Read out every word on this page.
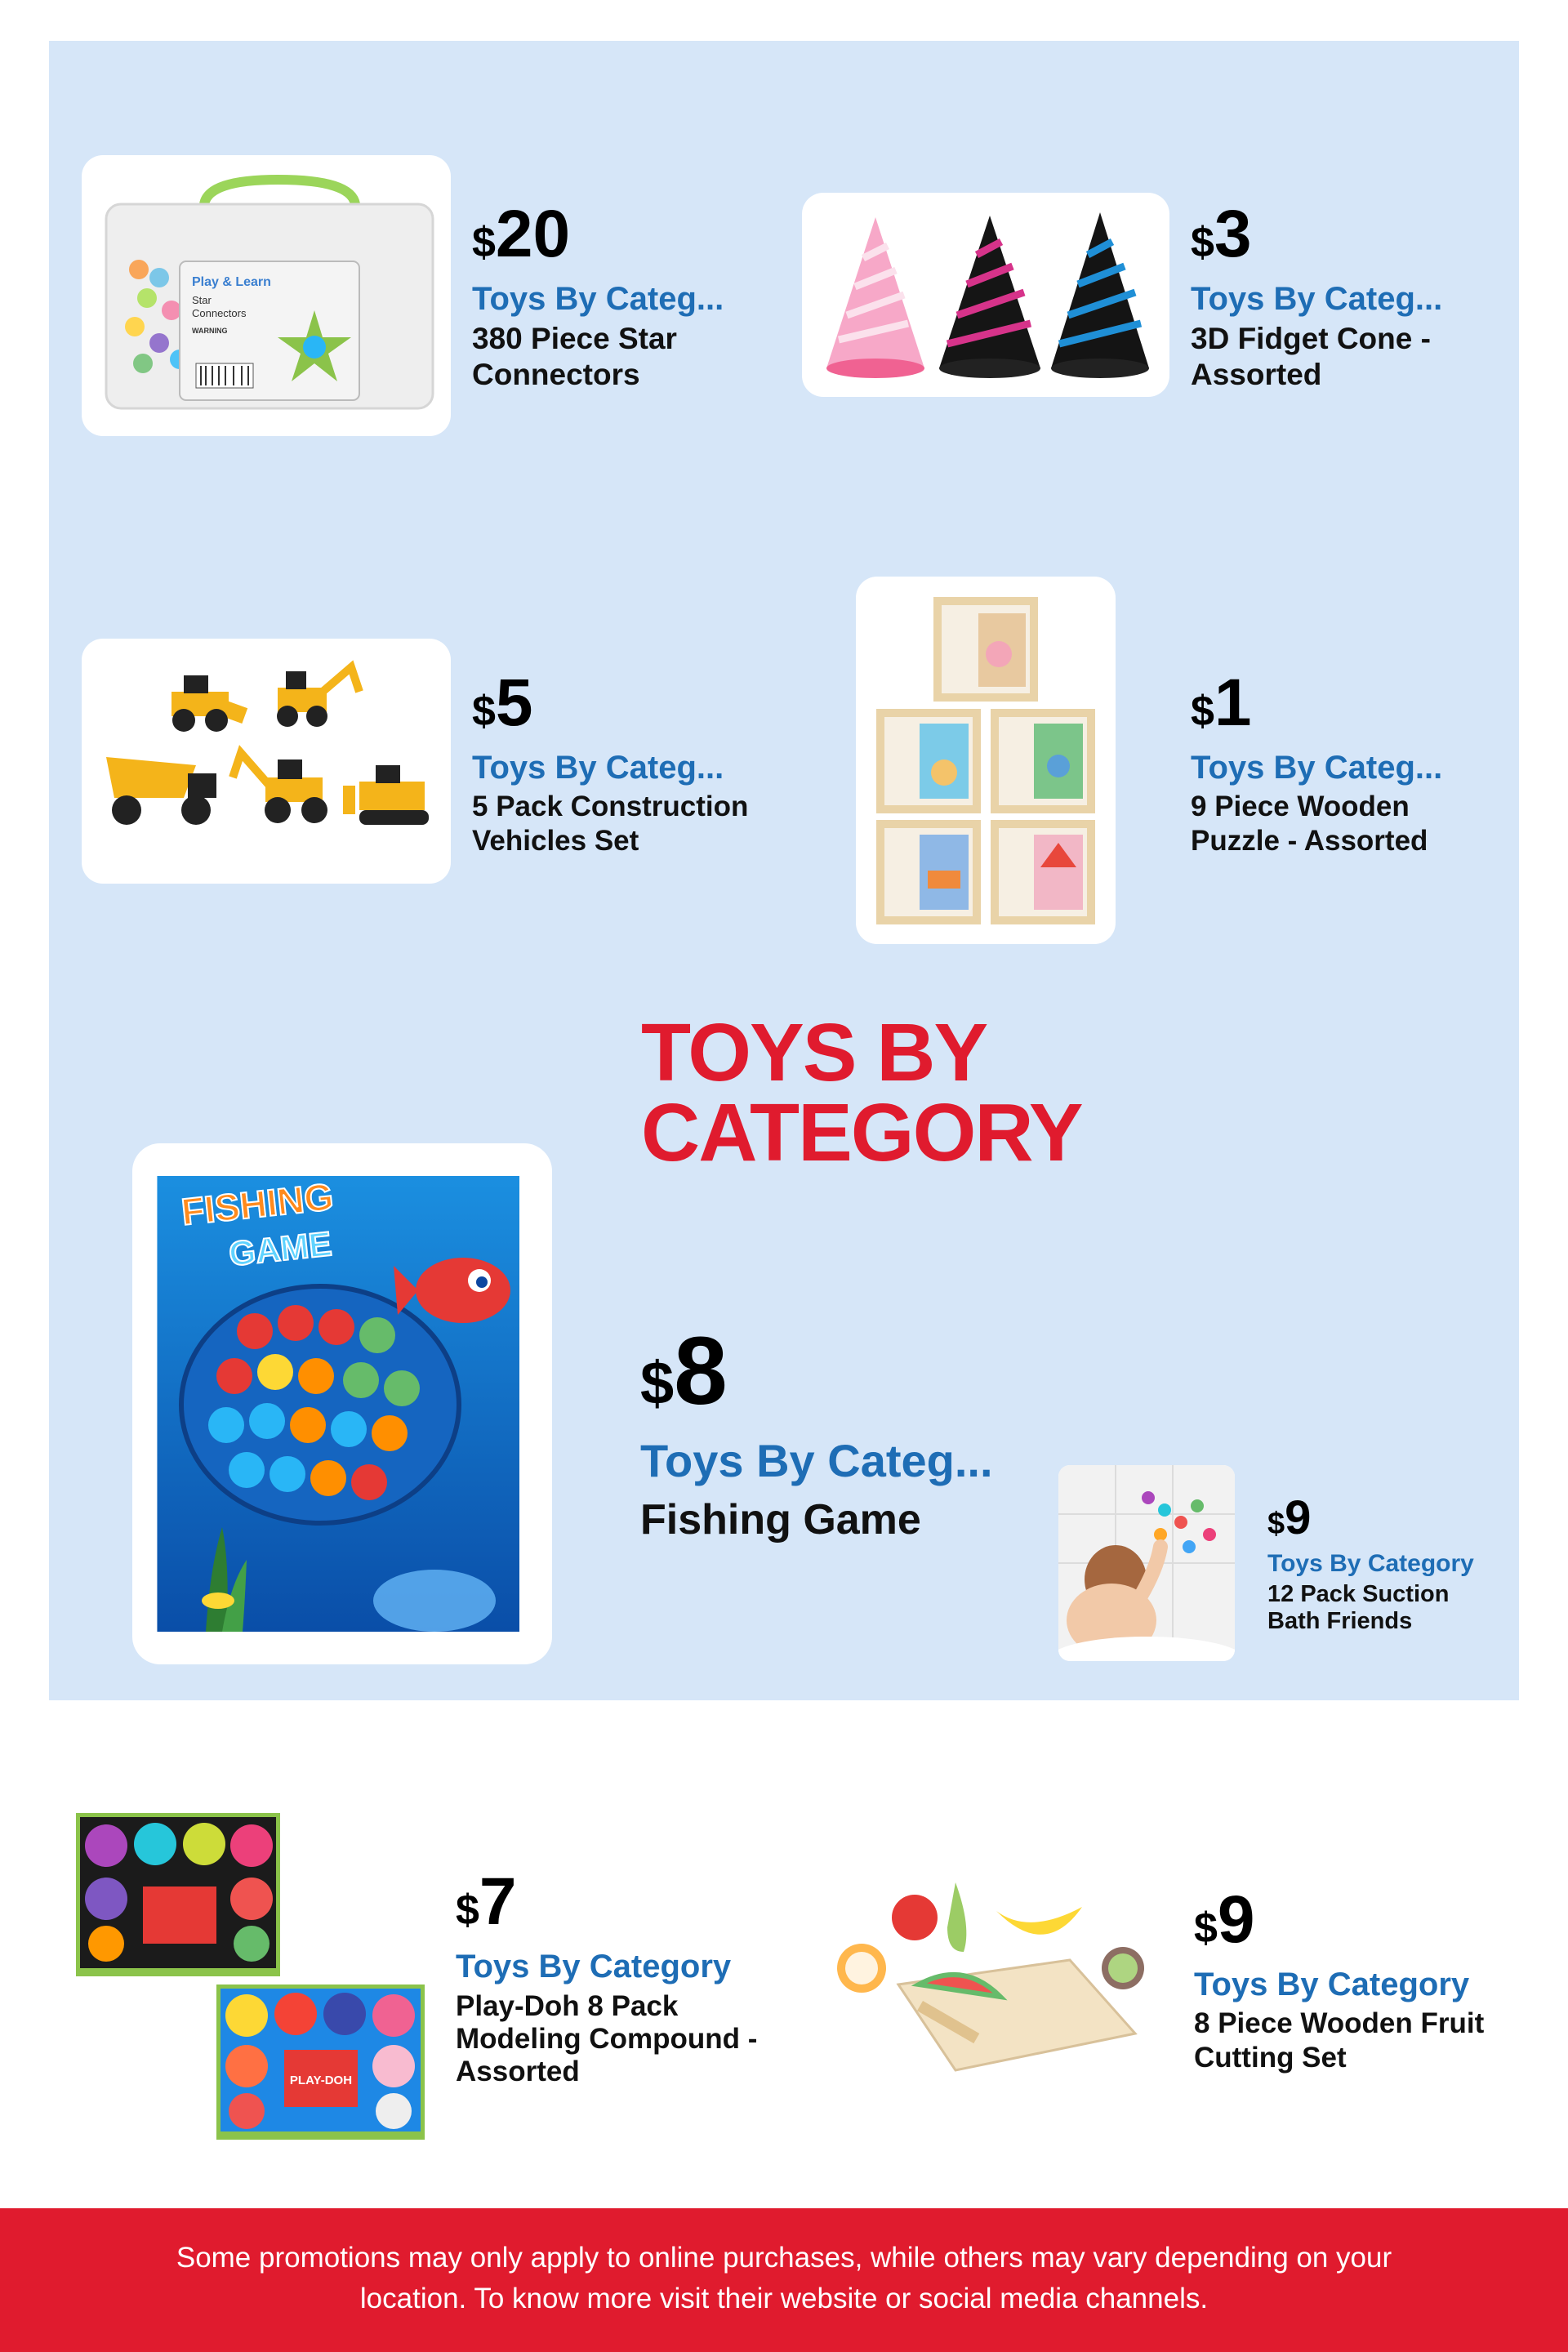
Play & Learn
Star
Connectors
WARNING
$20
Toys By Categ...
380 Piece Star
Connectors
$3
Toys By Categ...
3D Fidget Cone -
Assorted
$5
Toys By Categ...
5 Pack Construction
Vehicles Set
$1
Toys By Categ...
9 Piece Wooden
Puzzle - Assorted
TOYS BY
CATEGORY
FISHING
GAME
$8
Toys By Categ...
Fishing Game	$9
Toys By Category
12 Pack Suction
Bath Friends
PLAY-DOH
$7
Toys By Category
Play-Doh 8 Pack
Modeling Compound -
Assorted
$9
Toys By Category
8 Piece Wooden Fruit
Cutting Set

Some promotions may only apply to online purchases, while others may vary depending on your
location. To know more visit their website or social media channels.
